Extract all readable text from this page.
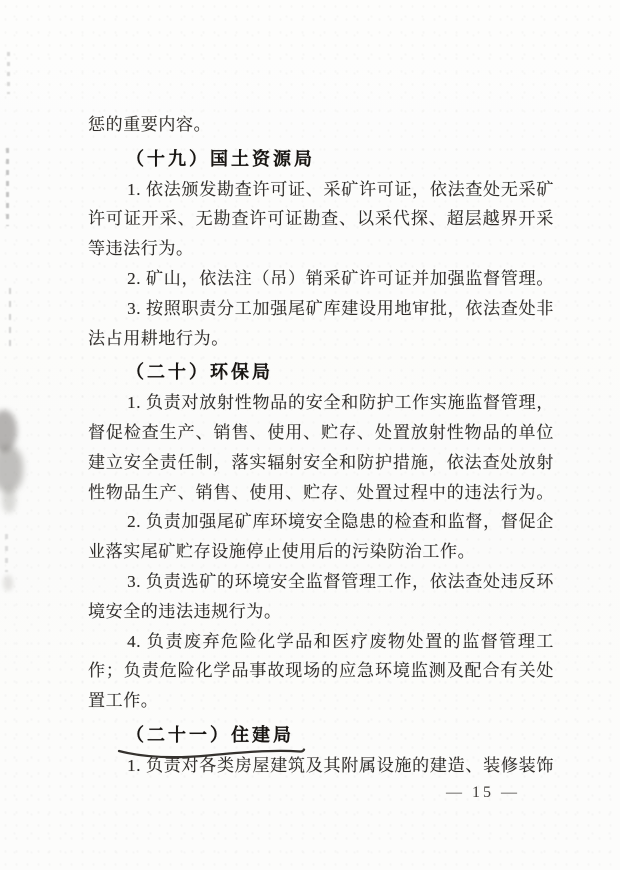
惩的重要内容。

（十九）国土资源局

1. 依法颁发勘查许可证、采矿许可证，依法查处无采矿
许可证开采、无勘查许可证勘查、以采代探、超层越界开采
等违法行为。

2. 矿山，依法注（吊）销采矿许可证并加强监督管理。

3. 按照职责分工加强尾矿库建设用地审批，依法查处非
法占用耕地行为。

（二十）环保局

1. 负责对放射性物品的安全和防护工作实施监督管理，
督促检查生产、销售、使用、贮存、处置放射性物品的单位
建立安全责任制，落实辐射安全和防护措施，依法查处放射
性物品生产、销售、使用、贮存、处置过程中的违法行为。

2. 负责加强尾矿库环境安全隐患的检查和监督，督促企
业落实尾矿贮存设施停止使用后的污染防治工作。

3. 负责选矿的环境安全监督管理工作，依法查处违反环
境安全的违法违规行为。

4. 负责废弃危险化学品和医疗废物处置的监督管理工
作；负责危险化学品事故现场的应急环境监测及配合有关处
置工作。

（二十一）住建局

1. 负责对各类房屋建筑及其附属设施的建造、装修装饰

— 15 —
